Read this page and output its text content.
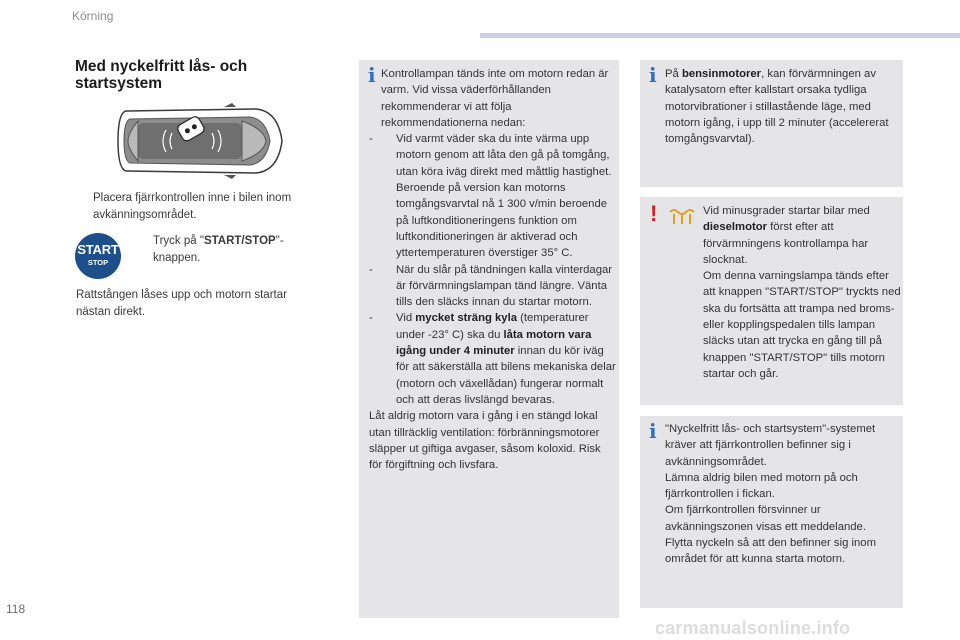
Körning
Med nyckelfritt lås- och
startsystem
Placera fjärrkontrollen inne i bilen inom avkänningsområdet.
START
STOP
Tryck på "START/STOP"-knappen.
Rattstången låses upp och motorn startar nästan direkt.
i Kontrollampan tänds inte om motorn redan är varm. Vid vissa väderförhållanden rekommenderar vi att följa rekommendationerna nedan:

- Vid varmt väder ska du inte värma upp motorn genom att låta den gå på tomgång, utan köra iväg direkt med måttlig hastighet.

Beroende på version kan motorns tomgångsvarvtal nå 1 300 v/min beroende på luftkonditioneringens funktion om luftkonditioneringen är aktiverad och yttertemperaturen överstiger 35° C.

- När du slår på tändningen kalla vinterdagar är förvärmningslampan tänd längre. Vänta tills den släcks innan du startar motorn.

- Vid mycket sträng kyla (temperaturer under -23° C) ska du låta motorn vara igång under 4 minuter innan du kör iväg för att säkerställa att bilens mekaniska delar (motorn och växellådan) fungerar normalt och att deras livslängd bevaras.

Låt aldrig motorn vara i gång i en stängd lokal utan tillräcklig ventilation: förbränningsmotorer släpper ut giftiga avgaser, såsom koloxid. Risk för förgiftning och livsfara.

i På bensinmotorer, kan förvärmningen av katalysatorn efter kallstart orsaka tydliga motorvibrationer i stillastående läge, med motorn igång, i upp till 2 minuter (accelererat tomgångsvarvtal).

!	Vid minusgrader startar bilar med dieselmotor först efter att förvärmningens kontrollampa har slocknat.

Om denna varningslampa tänds efter att knappen "START/STOP" tryckts ned ska du fortsätta att trampa ned broms- eller kopplingspedalen tills lampan släcks utan att trycka en gång till på knappen "START/STOP" tills motorn startar och går.

i "Nyckelfritt lås- och startsystem"-systemet kräver att fjärrkontrollen befinner sig i avkänningsområdet.

Lämna aldrig bilen med motorn på och fjärrkontrollen i fickan.

Om fjärrkontrollen försvinner ur avkänningszonen visas ett meddelande.

Flytta nyckeln så att den befinner sig inom området för att kunna starta motorn.

118
carmanualsonline.info
